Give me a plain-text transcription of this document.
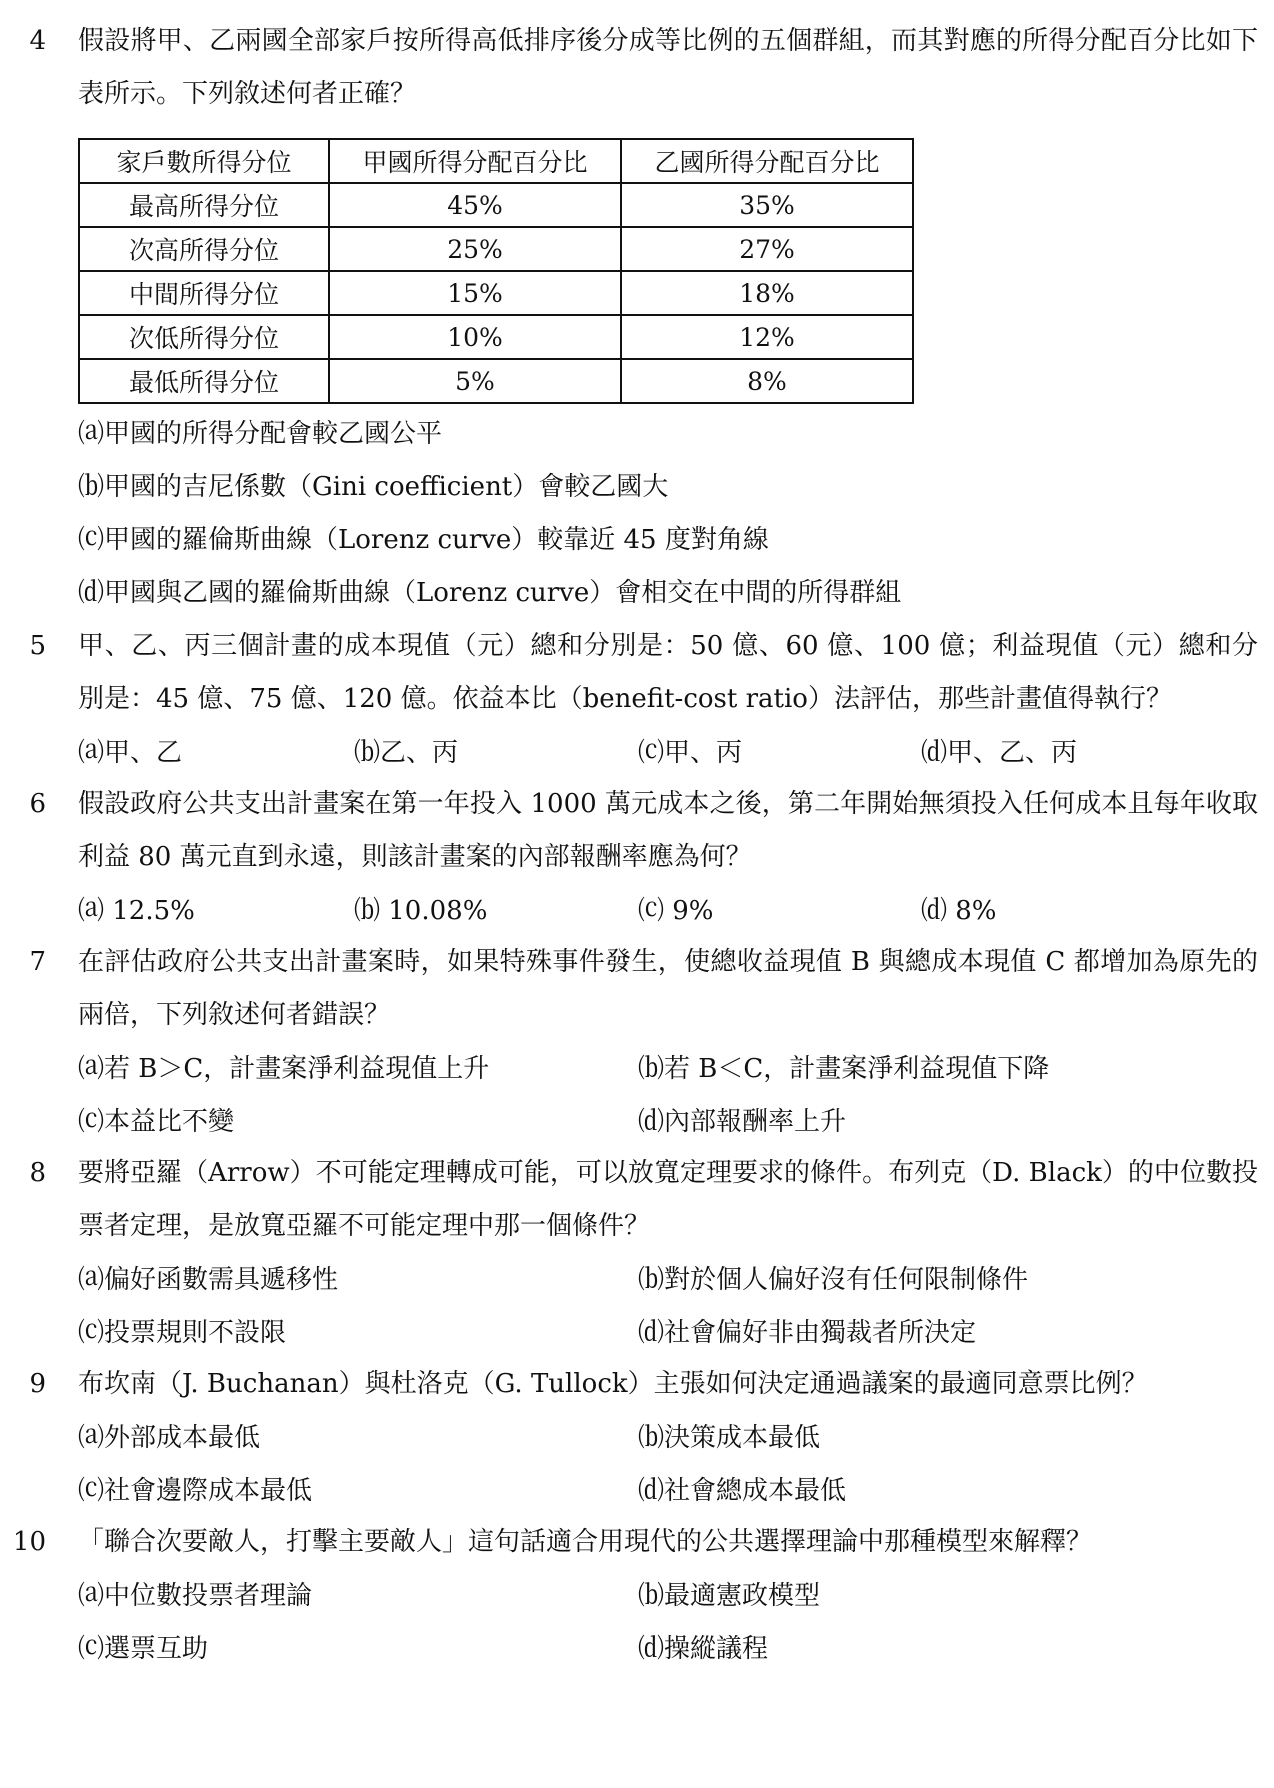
4 假設將甲、乙兩國全部家戶按所得高低排序後分成等比例的五個群組，而其對應的所得分配百分比如下表所示。下列敘述何者正確？
家戶數所得分位	甲國所得分配百分比	乙國所得分配百分比
最高所得分位	45%	35%
次高所得分位	25%	27%
中間所得分位	15%	18%
次低所得分位	10%	12%
最低所得分位	5%	8%
⒜甲國的所得分配會較乙國公平
⒝甲國的吉尼係數（Gini coefficient）會較乙國大
⒞甲國的羅倫斯曲線（Lorenz curve）較靠近 45 度對角線
⒟甲國與乙國的羅倫斯曲線（Lorenz curve）會相交在中間的所得群組
5 甲、乙、丙三個計畫的成本現值（元）總和分別是：50 億、60 億、100 億；利益現值（元）總和分別是：45 億、75 億、120 億。依益本比（benefit-cost ratio）法評估，那些計畫值得執行？
⒜甲、乙	⒝乙、丙	⒞甲、丙	⒟甲、乙、丙
6 假設政府公共支出計畫案在第一年投入 1000 萬元成本之後，第二年開始無須投入任何成本且每年收取利益 80 萬元直到永遠，則該計畫案的內部報酬率應為何？
⒜ 12.5%	⒝ 10.08%	⒞ 9%	⒟ 8%
7 在評估政府公共支出計畫案時，如果特殊事件發生，使總收益現值 B 與總成本現值 C 都增加為原先的兩倍，下列敘述何者錯誤？
⒜若 B＞C，計畫案淨利益現值上升	⒝若 B＜C，計畫案淨利益現值下降
⒞本益比不變	⒟內部報酬率上升
8 要將亞羅（Arrow）不可能定理轉成可能，可以放寬定理要求的條件。布列克（D. Black）的中位數投票者定理，是放寬亞羅不可能定理中那一個條件？
⒜偏好函數需具遞移性	⒝對於個人偏好沒有任何限制條件
⒞投票規則不設限	⒟社會偏好非由獨裁者所決定
9 布坎南（J. Buchanan）與杜洛克（G. Tullock）主張如何決定通過議案的最適同意票比例？
⒜外部成本最低	⒝決策成本最低
⒞社會邊際成本最低	⒟社會總成本最低
10 「聯合次要敵人，打擊主要敵人」這句話適合用現代的公共選擇理論中那種模型來解釋？
⒜中位數投票者理論	⒝最適憲政模型
⒞選票互助	⒟操縱議程
